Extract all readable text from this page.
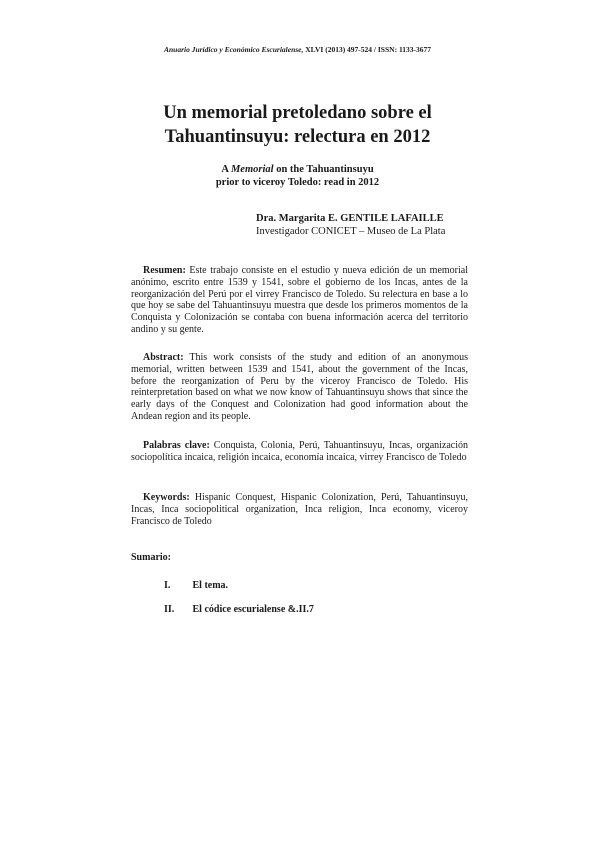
Anuario Jurídico y Económico Escurialense, XLVI (2013) 497-524 / ISSN: 1133-3677
Un memorial pretoledano sobre el
Tahuantinsuyu: relectura en 2012
A Memorial on the Tahuantinsuyu
prior to viceroy Toledo: read in 2012
Dra. Margarita E. GENTILE LAFAILLE
Investigador CONICET – Museo de La Plata

Resumen: Este trabajo consiste en el estudio y nueva edición de un memorial anónimo, escrito entre 1539 y 1541, sobre el gobierno de los Incas, antes de la reorganización del Perú por el virrey Francisco de Toledo. Su relectura en base a lo que hoy se sabe del Tahuantinsuyu muestra que desde los primeros momentos de la Conquista y Colonización se contaba con buena información acerca del territorio andino y su gente.

Abstract: This work consists of the study and edition of an anonymous memorial, written between 1539 and 1541, about the government of the Incas, before the reorganization of Peru by the viceroy Francisco de Toledo. His reinterpretation based on what we now know of Tahuantinsuyu shows that since the early days of the Conquest and Colonization had good information about the Andean region and its people.

Palabras clave: Conquista, Colonia, Perú, Tahuantinsuyu, Incas, organización sociopolítica incaica, religión incaica, economía incaica, virrey Francisco de Toledo

Keywords: Hispanic Conquest, Hispanic Colonization, Perú, Tahuantinsuyu, Incas, Inca sociopolitical organization, Inca religion, Inca economy, viceroy Francisco de Toledo

Sumario:
I. El tema.
II. El códice escurialense &.II.7
